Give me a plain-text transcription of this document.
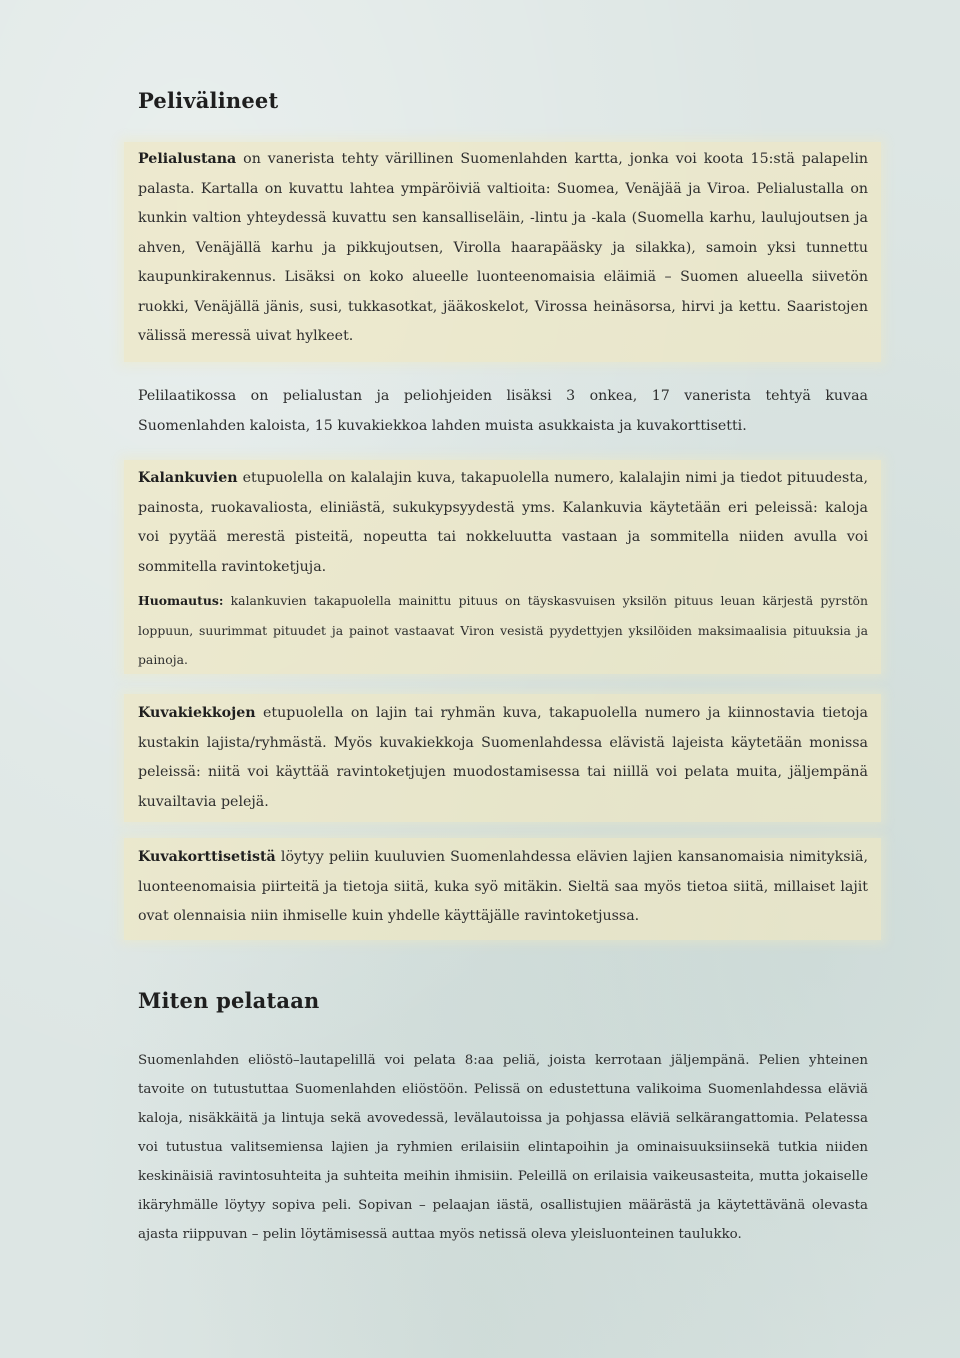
Pelivälineet

Pelialustana on vanerista tehty värillinen Suomenlahden kartta, jonka voi koota 15:stä palapelin palasta. Kartalla on kuvattu lahtea ympäröiviä valtioita: Suomea, Venäjää ja Viroa. Pelialustalla on kunkin valtion yhteydessä kuvattu sen kansalliseläin, -lintu ja -kala (Suomella karhu, laulujoutsen ja ahven, Venäjällä karhu ja pikkujoutsen, Virolla haarapääsky ja silakka), samoin yksi tunnettu kaupunkirakennus. Lisäksi on koko alueelle luonteenomaisia eläimiä – Suomen alueella siivetön ruokki, Venäjällä jänis, susi, tukkasotkat, jääkoskelot, Virossa heinäsorsa, hirvi ja kettu. Saaristojen välissä meressä uivat hylkeet.

Pelilaatikossa on pelialustan ja peliohjeiden lisäksi 3 onkea, 17 vanerista tehtyä kuvaa Suomenlahden kaloista, 15 kuvakiekkoa lahden muista asukkaista ja kuvakorttisetti.

Kalankuvien etupuolella on kalalajin kuva, takapuolella numero, kalalajin nimi ja tiedot pituudesta, painosta, ruokavaliosta, eliniästä, sukukypsyydestä yms. Kalankuvia käytetään eri peleissä: kaloja voi pyytää merestä pisteitä, nopeutta tai nokkeluutta vastaan ja sommitella niiden avulla voi sommitella ravintoketjuja.

Huomautus: kalankuvien takapuolella mainittu pituus on täyskasvuisen yksilön pituus leuan kärjestä pyrstön loppuun, suurimmat pituudet ja painot vastaavat Viron vesistä pyydettyjen yksilöiden maksimaalisia pituuksia ja painoja.

Kuvakiekkojen etupuolella on lajin tai ryhmän kuva, takapuolella numero ja kiinnostavia tietoja kustakin lajista/ryhmästä. Myös kuvakiekkoja Suomenlahdessa elävistä lajeista käytetään monissa peleissä: niitä voi käyttää ravintoketjujen muodostamisessa tai niillä voi pelata muita, jäljempänä kuvailtavia pelejä.

Kuvakorttisetistä löytyy peliin kuuluvien Suomenlahdessa elävien lajien kansanomaisia nimityksiä, luonteenomaisia piirteitä ja tietoja siitä, kuka syö mitäkin. Sieltä saa myös tietoa siitä, millaiset lajit ovat olennaisia niin ihmiselle kuin yhdelle käyttäjälle ravintoketjussa.

Miten pelataan

Suomenlahden eliöstö–lautapelillä voi pelata 8:aa peliä, joista kerrotaan jäljempänä. Pelien yhteinen tavoite on tutustuttaa Suomenlahden eliöstöön. Pelissä on edustettuna valikoima Suomenlahdessa eläviä kaloja, nisäkkäitä ja lintuja sekä avovedessä, levälautoissa ja pohjassa eläviä selkärangattomia. Pelatessa voi tutustua valitsemiensa lajien ja ryhmien erilaisiin elintapoihin ja ominaisuuksiinsekä tutkia niiden keskinäisiä ravintosuhteita ja suhteita meihin ihmisiin. Peleillä on erilaisia vaikeusasteita, mutta jokaiselle ikäryhmälle löytyy sopiva peli. Sopivan – pelaajan iästä, osallistujien määrästä ja käytettävänä olevasta ajasta riippuvan – pelin löytämisessä auttaa myös netissä oleva yleisluonteinen taulukko.
